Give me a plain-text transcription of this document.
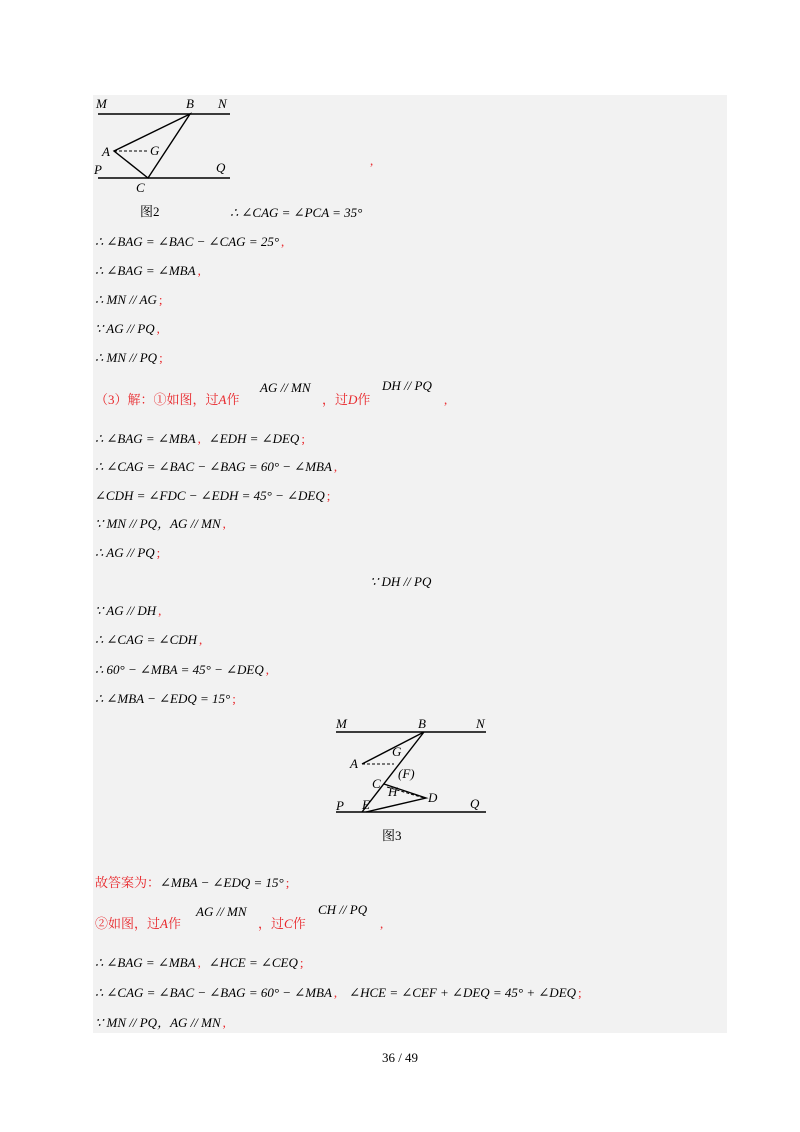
M	B N
A	G
P	Q
C
图2
,
∴ ∠CAG = ∠PCA = 35°
∴ ∠BAG = ∠BAC − ∠CAG = 25° ,
∴ ∠BAG = ∠MBA ,
∴ MN // AG ;
∵ AG // PQ ,
∴ MN // PQ ;
（3）解：①如图，过A作
AG // MN
，过D作
DH // PQ
,
∴ ∠BAG = ∠MBA , ∠EDH = ∠DEQ ;
∴ ∠CAG = ∠BAC − ∠BAG = 60° − ∠MBA ,
∠CDH = ∠FDC − ∠EDH = 45° − ∠DEQ ;
∵ MN // PQ，AG // MN ,
∴ AG // PQ ;
∵ DH // PQ
∵ AG // DH ,
∴ ∠CAG = ∠CDH ,
∴ 60° − ∠MBA = 45° − ∠DEQ ,
∴ ∠MBA − ∠EDQ = 15° ;
M	B	N
A
G
(F)
C
H D
P E	Q
图3
故答案为：∠MBA − ∠EDQ = 15° ;
②如图，过A作
AG // MN
，过C作
CH // PQ
,
∴ ∠BAG = ∠MBA , ∠HCE = ∠CEQ ;
∴ ∠CAG = ∠BAC − ∠BAG = 60° − ∠MBA , ∠HCE = ∠CEF + ∠DEQ = 45° + ∠DEQ ;
∵ MN // PQ，AG // MN ,
36 / 49
